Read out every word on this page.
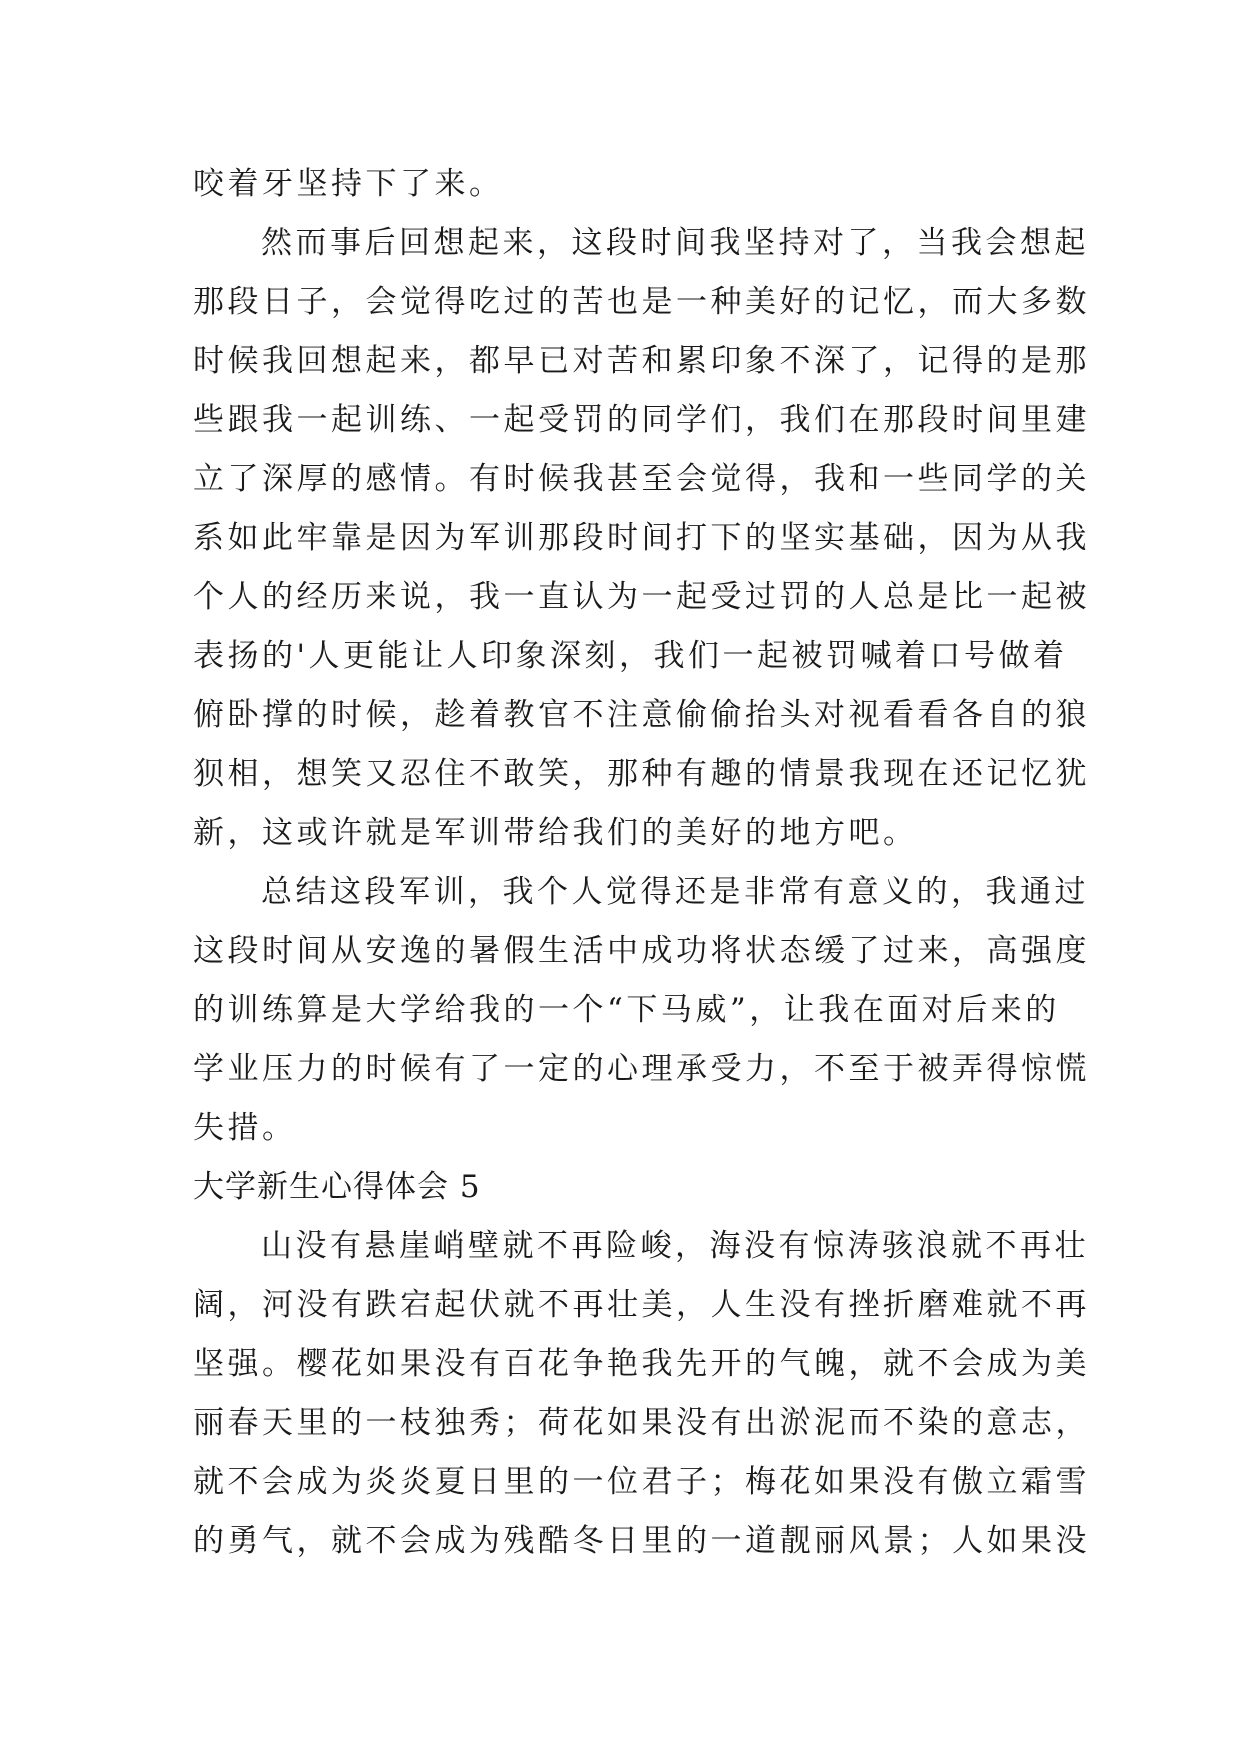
咬着牙坚持下了来。
然而事后回想起来，这段时间我坚持对了，当我会想起
那段日子，会觉得吃过的苦也是一种美好的记忆，而大多数
时候我回想起来，都早已对苦和累印象不深了，记得的是那
些跟我一起训练、一起受罚的同学们，我们在那段时间里建
立了深厚的感情。有时候我甚至会觉得，我和一些同学的关
系如此牢靠是因为军训那段时间打下的坚实基础，因为从我
个人的经历来说，我一直认为一起受过罚的人总是比一起被
表扬的'人更能让人印象深刻，我们一起被罚喊着口号做着
俯卧撑的时候，趁着教官不注意偷偷抬头对视看看各自的狼
狈相，想笑又忍住不敢笑，那种有趣的情景我现在还记忆犹
新，这或许就是军训带给我们的美好的地方吧。
总结这段军训，我个人觉得还是非常有意义的，我通过
这段时间从安逸的暑假生活中成功将状态缓了过来，高强度
的训练算是大学给我的一个“下马威”，让我在面对后来的
学业压力的时候有了一定的心理承受力，不至于被弄得惊慌
失措。
大学新生心得体会 5
山没有悬崖峭壁就不再险峻，海没有惊涛骇浪就不再壮
阔，河没有跌宕起伏就不再壮美，人生没有挫折磨难就不再
坚强。樱花如果没有百花争艳我先开的气魄，就不会成为美
丽春天里的一枝独秀；荷花如果没有出淤泥而不染的意志，
就不会成为炎炎夏日里的一位君子；梅花如果没有傲立霜雪
的勇气，就不会成为残酷冬日里的一道靓丽风景；人如果没
